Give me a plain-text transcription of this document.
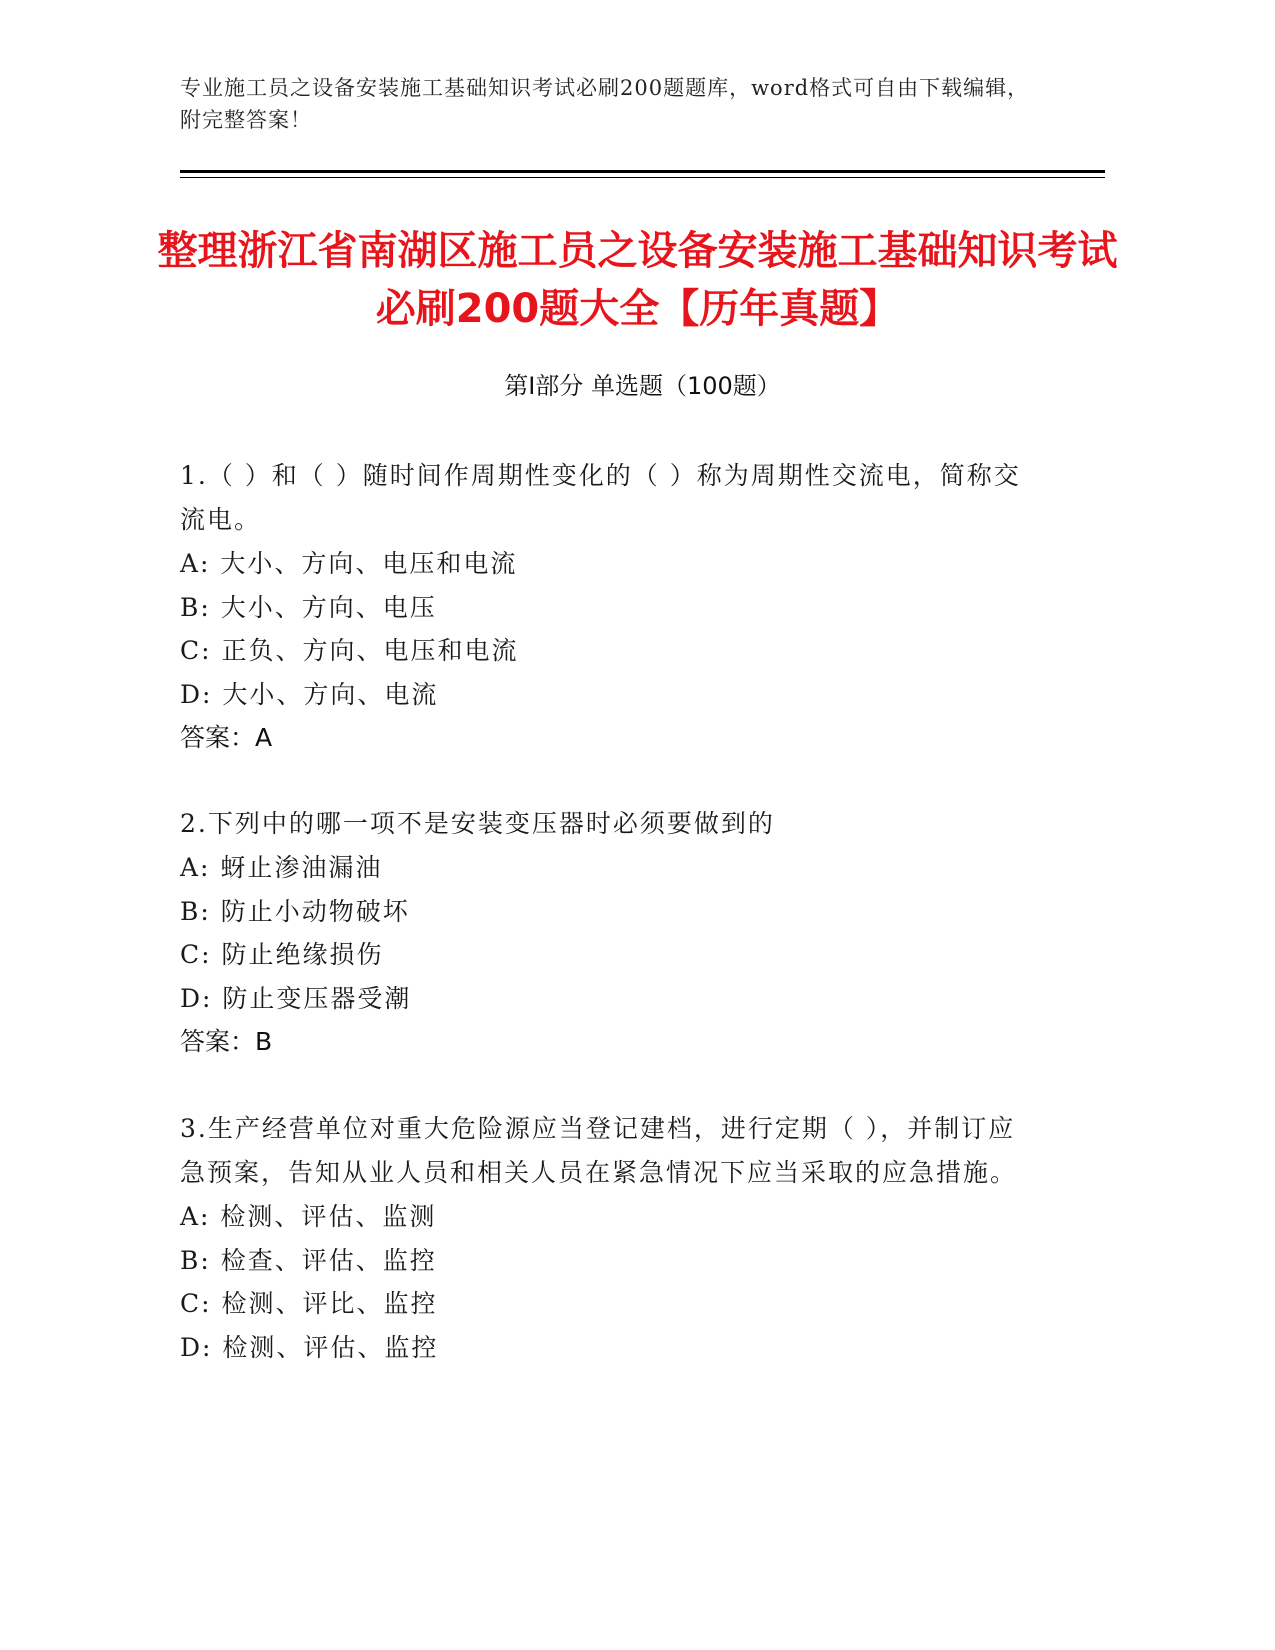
专业施工员之设备安装施工基础知识考试必刷200题题库，word格式可自由下载编辑，附完整答案！
整理浙江省南湖区施工员之设备安装施工基础知识考试必刷200题大全【历年真题】
第I部分 单选题（100题）
1.（ ）和（ ）随时间作周期性变化的（ ）称为周期性交流电，简称交流电。
A: 大小、方向、电压和电流
B: 大小、方向、电压
C: 正负、方向、电压和电流
D: 大小、方向、电流
答案：A
2.下列中的哪一项不是安装变压器时必须要做到的
A: 蚜止渗油漏油
B: 防止小动物破坏
C: 防止绝缘损伤
D: 防止变压器受潮
答案：B
3.生产经营单位对重大危险源应当登记建档，进行定期（ ），并制订应急预案，告知从业人员和相关人员在紧急情况下应当采取的应急措施。
A: 检测、评估、监测
B: 检查、评估、监控
C: 检测、评比、监控
D: 检测、评估、监控
